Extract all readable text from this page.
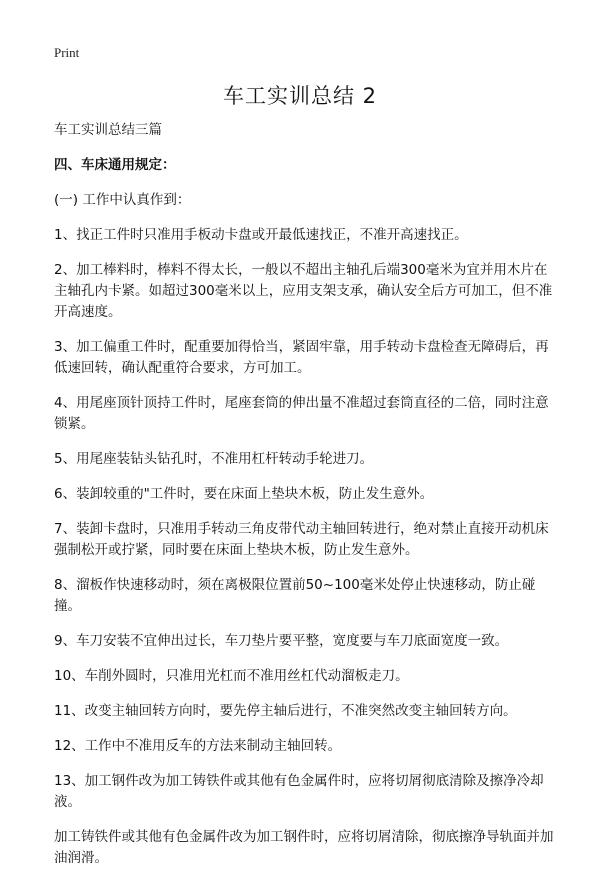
Print
车工实训总结 2

车工实训总结三篇

四、车床通用规定：

(一) 工作中认真作到：

1、找正工件时只准用手板动卡盘或开最低速找正，不准开高速找正。

2、加工棒料时，棒料不得太长，一般以不超出主轴孔后端300毫米为宜并用木片在主轴孔内卡紧。如超过300毫米以上，应用支架支承，确认安全后方可加工，但不准开高速度。

3、加工偏重工件时，配重要加得恰当，紧固牢靠，用手转动卡盘检查无障碍后，再低速回转，确认配重符合要求，方可加工。

4、用尾座顶针顶持工件时，尾座套筒的伸出量不准超过套筒直径的二倍，同时注意锁紧。

5、用尾座装钻头钻孔时，不准用杠杆转动手轮进刀。

6、装卸较重的"工件时，要在床面上垫块木板，防止发生意外。

7、装卸卡盘时，只准用手转动三角皮带代动主轴回转进行，绝对禁止直接开动机床强制松开或拧紧，同时要在床面上垫块木板，防止发生意外。

8、溜板作快速移动时，须在离极限位置前50~100毫米处停止快速移动，防止碰撞。

9、车刀安装不宜伸出过长，车刀垫片要平整，宽度要与车刀底面宽度一致。

10、车削外圆时，只准用光杠而不准用丝杠代动溜板走刀。

11、改变主轴回转方向时，要先停主轴后进行，不准突然改变主轴回转方向。

12、工作中不准用反车的方法来制动主轴回转。

13、加工钢件改为加工铸铁件或其他有色金属件时，应将切屑彻底清除及擦净冷却液。

加工铸铁件或其他有色金属件改为加工钢件时，应将切屑清除，彻底擦净导轨面并加油润滑。
